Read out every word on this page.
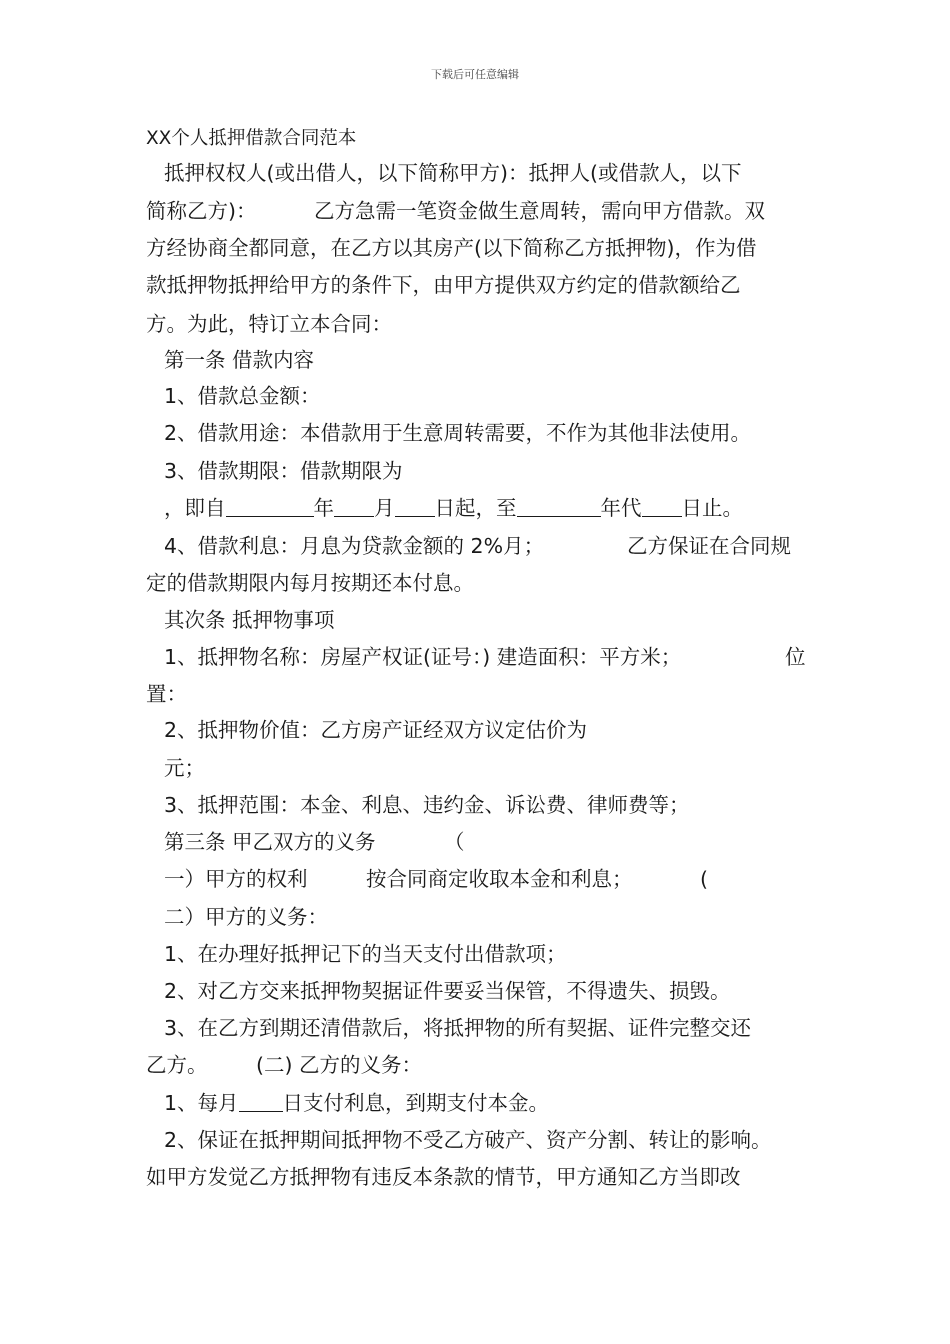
下载后可任意编辑
XX个人抵押借款合同范本
抵押权权人(或出借人，以下简称甲方)：抵押人(或借款人，以下
简称乙方)：	乙方急需一笔资金做生意周转，需向甲方借款。双
方经协商全都同意，在乙方以其房产(以下简称乙方抵押物)，作为借
款抵押物抵押给甲方的条件下，由甲方提供双方约定的借款额给乙
方。为此，特订立本合同：
第一条 借款内容
1、借款总金额：
2、借款用途：本借款用于生意周转需要，不作为其他非法使用。
3、借款期限：借款期限为
，即自	年 月 日起，至	年代 日止。
4、借款利息：月息为贷款金额的 2%月；	乙方保证在合同规
定的借款期限内每月按期还本付息。
其次条 抵押物事项
1、抵押物名称：房屋产权证(证号：) 建造面积：平方米；	位
置：
2、抵押物价值：乙方房产证经双方议定估价为
元；
3、抵押范围：本金、利息、违约金、诉讼费、律师费等；
第三条 甲乙双方的义务	（
一）甲方的权利	按合同商定收取本金和利息；	(
二）甲方的义务：
1、在办理好抵押记下的当天支付出借款项；
2、对乙方交来抵押物契据证件要妥当保管，不得遗失、损毁。
3、在乙方到期还清借款后，将抵押物的所有契据、证件完整交还
乙方。 (二) 乙方的义务：
1、每月 日支付利息，到期支付本金。
2、保证在抵押期间抵押物不受乙方破产、资产分割、转让的影响。
如甲方发觉乙方抵押物有违反本条款的情节，甲方通知乙方当即改
